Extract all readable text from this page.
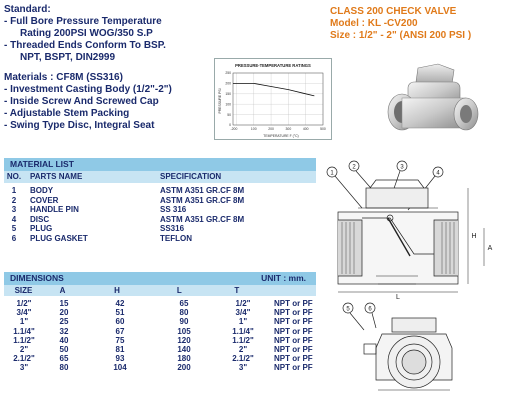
Standard:
- Full Bore Pressure Temperature
Rating 200PSI WOG/350 S.P
- Threaded Ends Conform To BSP.
NPT, BSPT, DIN2999
Materials : CF8M (SS316)
- Investment Casting Body (1/2"-2")
- Inside Screw And Screwed Cap
- Adjustable Stem Packing
- Swing Type Disc, Integral Seat
CLASS 200 CHECK VALVE
Model : KL -CV200
Size : 1/2" - 2" (ANSI 200 PSI )
PRESSURE-TEMPERATURE RATINGS
PRESSURE PSI
TEMPERATURE F (°C)
-20 0	100	200	300	400	500
0
50
100
150
200
250
MATERIAL LIST
NO.	PARTS NAME	SPECIFICATION
1	BODY	ASTM A351 GR.CF 8M
2	COVER	ASTM A351 GR.CF 8M
3	HANDLE PIN	SS 316
4	DISC	ASTM A351 GR.CF 8M
5	PLUG	SS316
6	PLUG GASKET	TEFLON
DIMENSIONS	UNIT : mm.
SIZE	A	H	L	T
1/2"	15	42	65	1/2"	NPT or PF
3/4"	20	51	80	3/4"	NPT or PF
1"	25	60	90	1"	NPT or PF
1.1/4"	32	67	105	1.1/4"	NPT or PF
1.1/2"	40	75	120	1.1/2"	NPT or PF
2"	50	81	140	2"	NPT or PF
2.1/2"	65	93	180	2.1/2"	NPT or PF
3"	80	104	200	3"	NPT or PF
1
2	3
4
5	6
L
H
A
